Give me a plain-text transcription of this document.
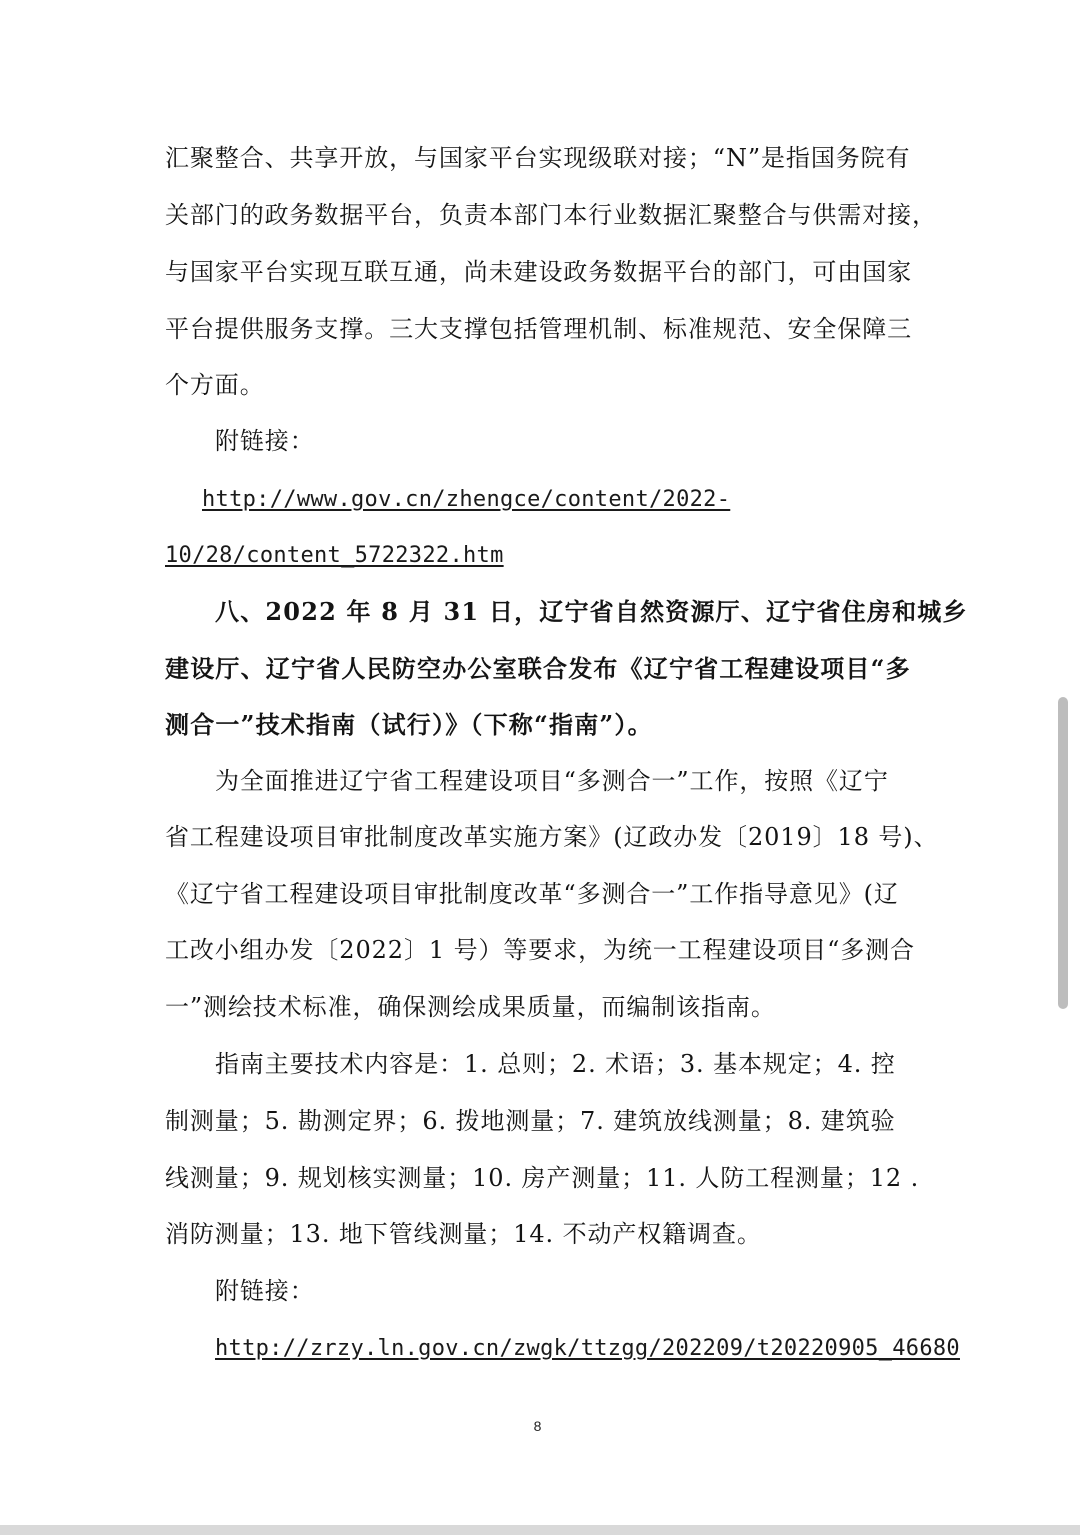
汇聚整合、共享开放，与国家平台实现级联对接；“N”是指国务院有
关部门的政务数据平台，负责本部门本行业数据汇聚整合与供需对接，
与国家平台实现互联互通，尚未建设政务数据平台的部门，可由国家
平台提供服务支撑。三大支撑包括管理机制、标准规范、安全保障三
个方面。
附链接：
http://www.gov.cn/zhengce/content/2022-
10/28/content_5722322.htm
八、2022 年 8 月 31 日，辽宁省自然资源厅、辽宁省住房和城乡
建设厅、辽宁省人民防空办公室联合发布《辽宁省工程建设项目“多
测合一”技术指南（试行）》（下称“指南”）。
为全面推进辽宁省工程建设项目“多测合一”工作，按照《辽宁
省工程建设项目审批制度改革实施方案》(辽政办发〔2019〕18 号)、
《辽宁省工程建设项目审批制度改革“多测合一”工作指导意见》(辽
工改小组办发〔2022〕1 号）等要求，为统一工程建设项目“多测合
一”测绘技术标准，确保测绘成果质量，而编制该指南。
指南主要技术内容是：1. 总则；2. 术语；3. 基本规定；4. 控
制测量；5. 勘测定界；6. 拨地测量；7. 建筑放线测量；8. 建筑验
线测量；9. 规划核实测量；10. 房产测量；11. 人防工程测量；12 .
消防测量；13. 地下管线测量；14. 不动产权籍调查。
附链接：
http://zrzy.ln.gov.cn/zwgk/ttzgg/202209/t20220905_46680
8
